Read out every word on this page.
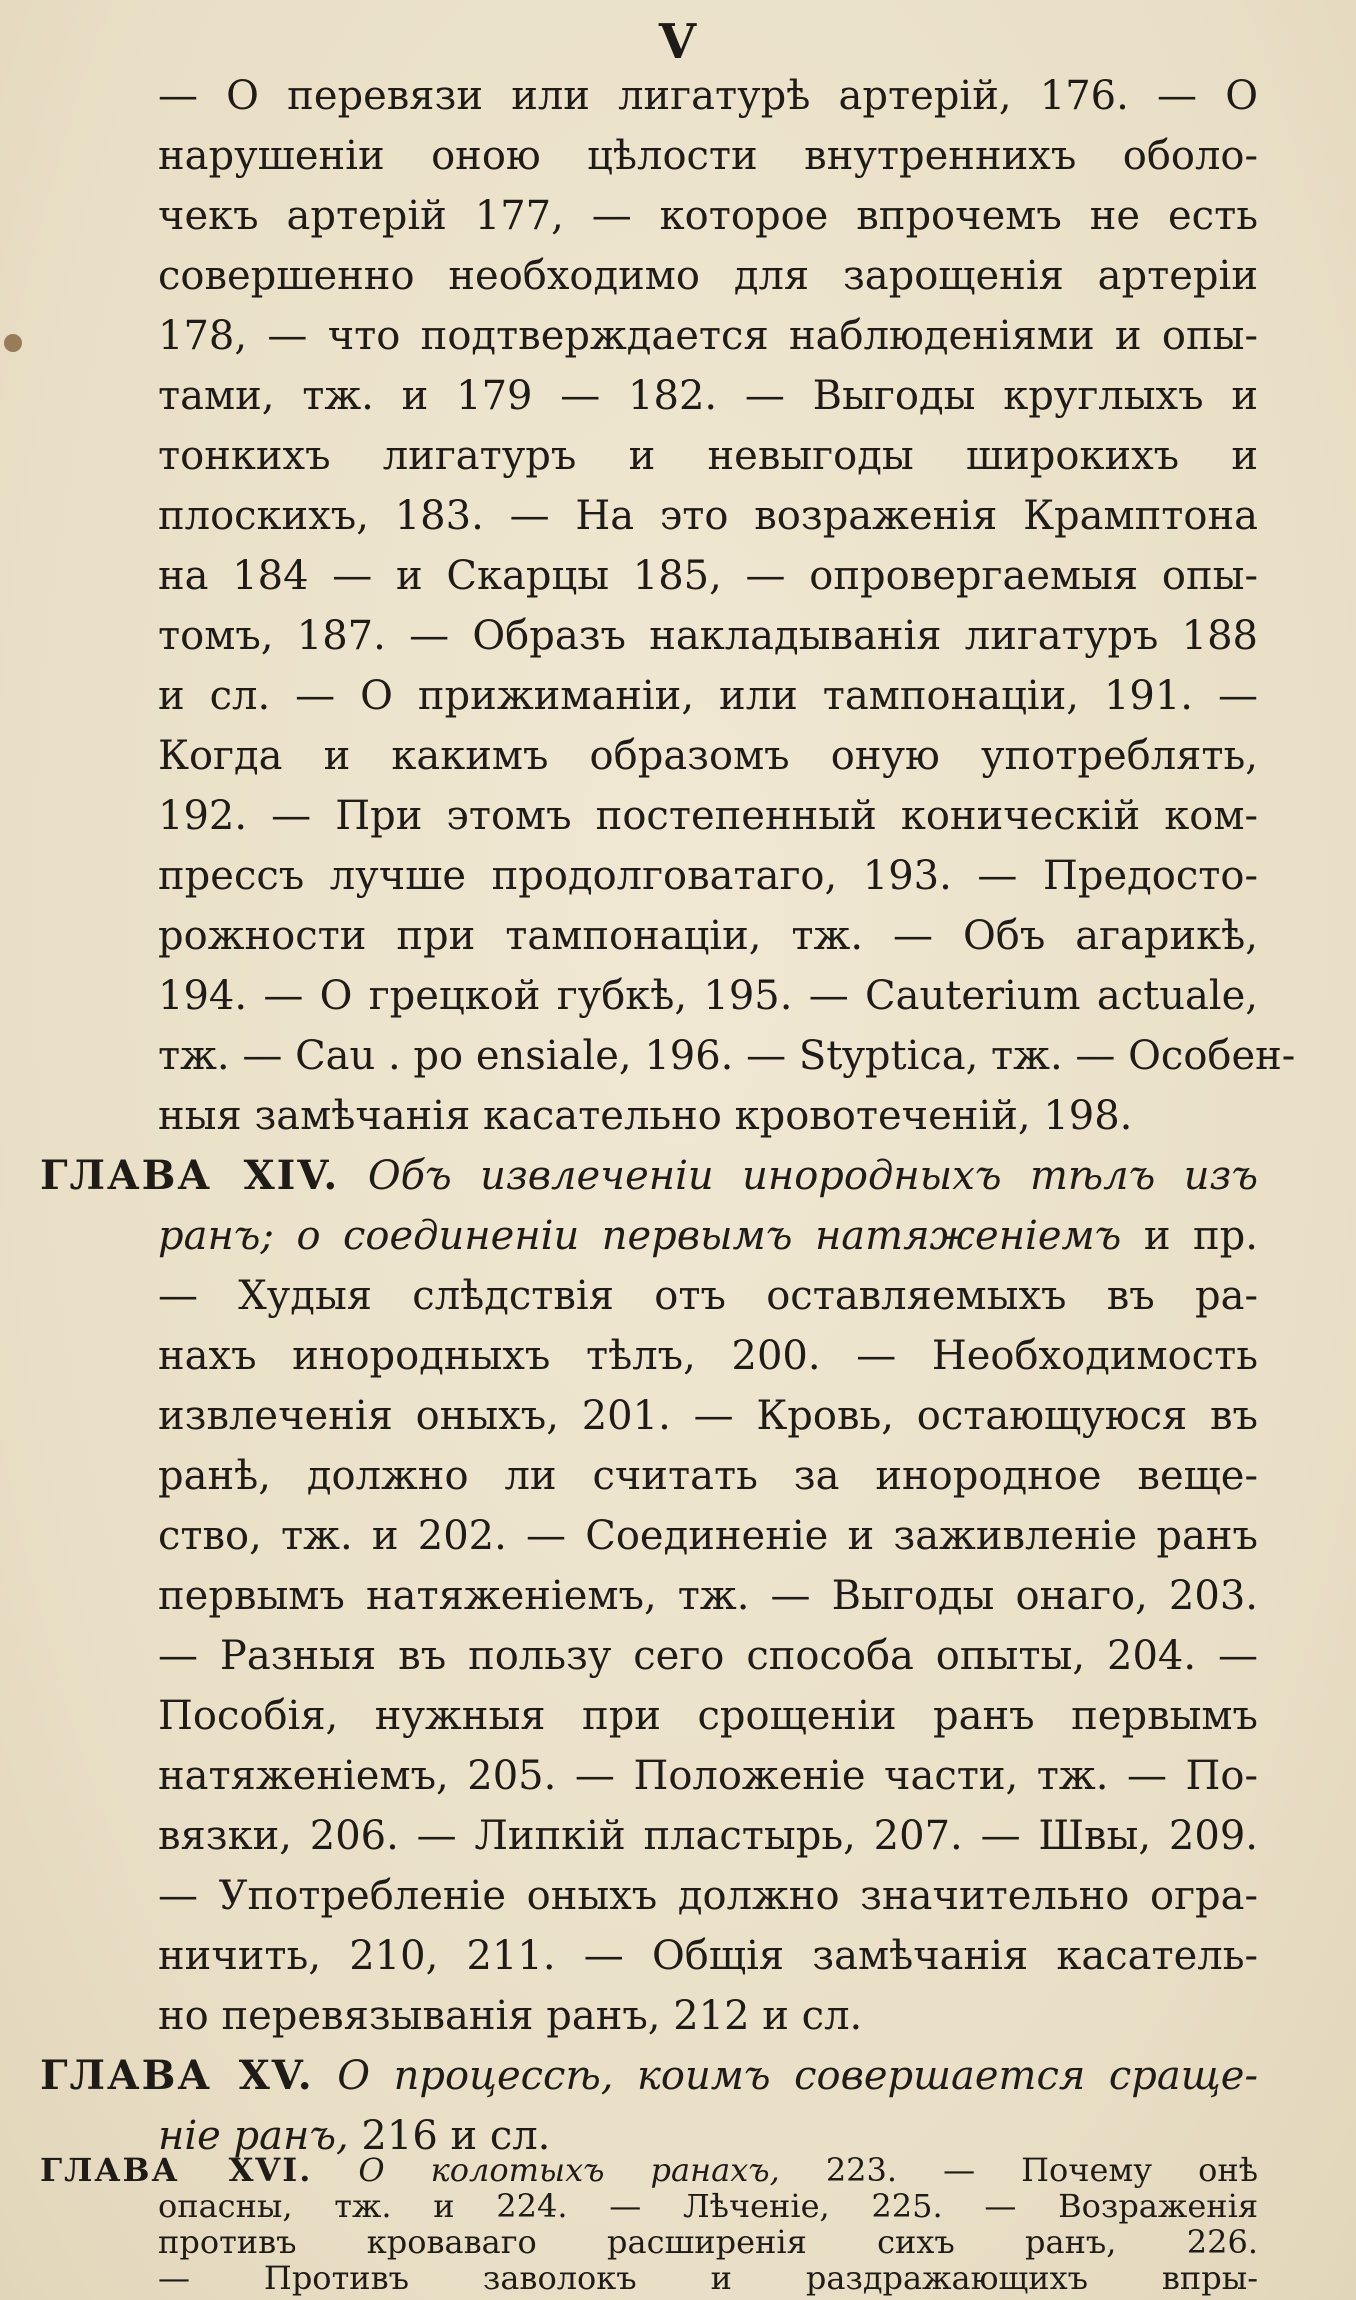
V
— О перевязи или лигатурѣ артерій, 176. — О
нарушеніи оною цѣлости внутреннихъ оболо-
чекъ артерій 177, — которое впрочемъ не есть
совершенно необходимо для зарощенія артеріи
178, — что подтверждается наблюденіями и опы-
тами, тж. и 179 — 182. — Выгоды круглыхъ и
тонкихъ лигатуръ и невыгоды широкихъ и
плоскихъ, 183. — На это возраженія Крамптона
на 184 — и Скарцы 185, — опровергаемыя опы-
томъ, 187. — Образъ накладыванія лигатуръ 188
и сл. — О прижиманіи, или тампонаціи, 191. —
Когда и какимъ образомъ оную употреблять,
192. — При этомъ постепенный коническій ком-
прессъ лучше продолговатаго, 193. — Предосто-
рожности при тампонаціи, тж. — Объ агарикѣ,
194. — О грецкой губкѣ, 195. — Cauterium actuale,
тж. — Cau . po ensiale, 196. — Styptica, тж. — Особен-
ныя замѣчанія касательно кровотеченій, 198.
ГЛАВА XIV. Объ извлеченіи инородныхъ тѣлъ изъ
ранъ; о соединеніи первымъ натяженіемъ и пр.
— Худыя слѣдствія отъ оставляемыхъ въ ра-
нахъ инородныхъ тѣлъ, 200. — Необходимость
извлеченія оныхъ, 201. — Кровь, остающуюся въ
ранѣ, должно ли считать за инородное веще-
ство, тж. и 202. — Соединеніе и заживленіе ранъ
первымъ натяженіемъ, тж. — Выгоды онаго, 203.
— Разныя въ пользу сего способа опыты, 204. —
Пособія, нужныя при срощеніи ранъ первымъ
натяженіемъ, 205. — Положеніе части, тж. — По-
вязки, 206. — Липкій пластырь, 207. — Швы, 209.
— Употребленіе оныхъ должно значительно огра-
ничить, 210, 211. — Общія замѣчанія касатель-
но перевязыванія ранъ, 212 и сл.
ГЛАВА XV. О процессѣ, коимъ совершается сраще-
ніе ранъ, 216 и сл.
ГЛАВА XVI. О колотыхъ ранахъ, 223. — Почему онѣ
опасны, тж. и 224. — Лѣченіе, 225. — Возраженія
противъ кроваваго расширенія сихъ ранъ, 226.
— Противъ заволокъ и раздражающихъ впры-
